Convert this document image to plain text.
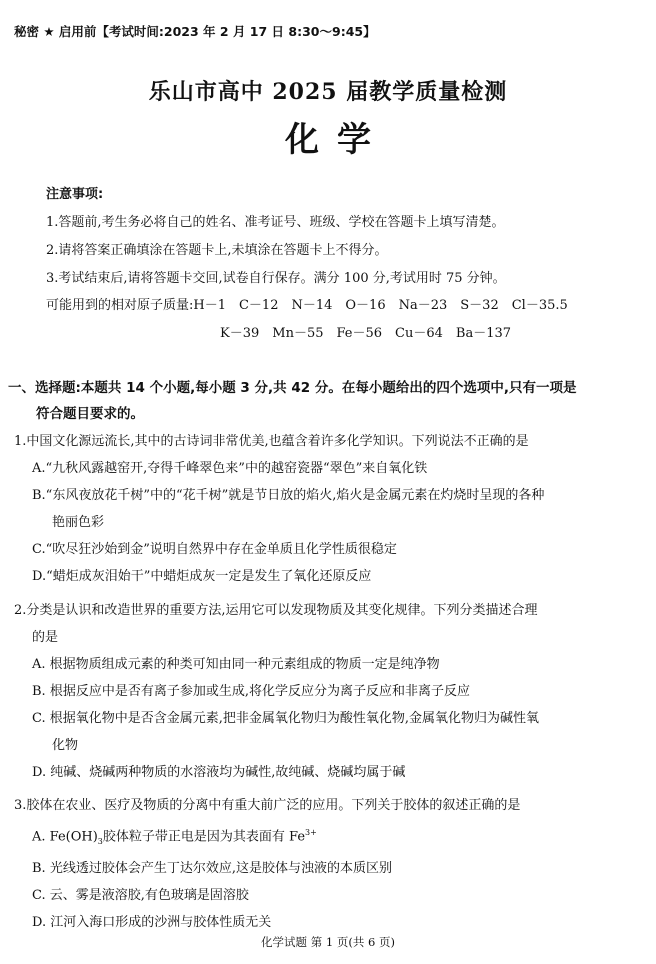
秘密 ★ 启用前【考试时间:2023 年 2 月 17 日 8:30～9:45】
乐山市高中 2025 届教学质量检测
化学
注意事项:
1.答题前,考生务必将自己的姓名、准考证号、班级、学校在答题卡上填写清楚。
2.请将答案正确填涂在答题卡上,未填涂在答题卡上不得分。
3.考试结束后,请将答题卡交回,试卷自行保存。满分 100 分,考试用时 75 分钟。
可能用到的相对原子质量:H－1　C－12　N－14　O－16　Na－23　S－32　Cl－35.5
K－39　Mn－55　Fe－56　Cu－64　Ba－137
一、选择题:本题共 14 个小题,每小题 3 分,共 42 分。在每小题给出的四个选项中,只有一项是
符合题目要求的。
1.中国文化源远流长,其中的古诗词非常优美,也蕴含着许多化学知识。下列说法不正确的是
A.“九秋风露越窑开,夺得千峰翠色来”中的越窑瓷器“翠色”来自氧化铁
B.“东风夜放花千树”中的“花千树”就是节日放的焰火,焰火是金属元素在灼烧时呈现的各种
艳丽色彩
C.“吹尽狂沙始到金”说明自然界中存在金单质且化学性质很稳定
D.“蜡炬成灰泪始干”中蜡炬成灰一定是发生了氧化还原反应
2.分类是认识和改造世界的重要方法,运用它可以发现物质及其变化规律。下列分类描述合理
的是
A. 根据物质组成元素的种类可知由同一种元素组成的物质一定是纯净物
B. 根据反应中是否有离子参加或生成,将化学反应分为离子反应和非离子反应
C. 根据氧化物中是否含金属元素,把非金属氧化物归为酸性氧化物,金属氧化物归为碱性氧
化物
D. 纯碱、烧碱两种物质的水溶液均为碱性,故纯碱、烧碱均属于碱
3.胶体在农业、医疗及物质的分离中有重大前广泛的应用。下列关于胶体的叙述正确的是
A. $Fe(OH)_3$胶体粒子带正电是因为其表面有 $Fe^{3+}$
B. 光线透过胶体会产生丁达尔效应,这是胶体与浊液的本质区别
C. 云、雾是液溶胶,有色玻璃是固溶胶
D. 江河入海口形成的沙洲与胶体性质无关
化学试题 第 1 页(共 6 页)
